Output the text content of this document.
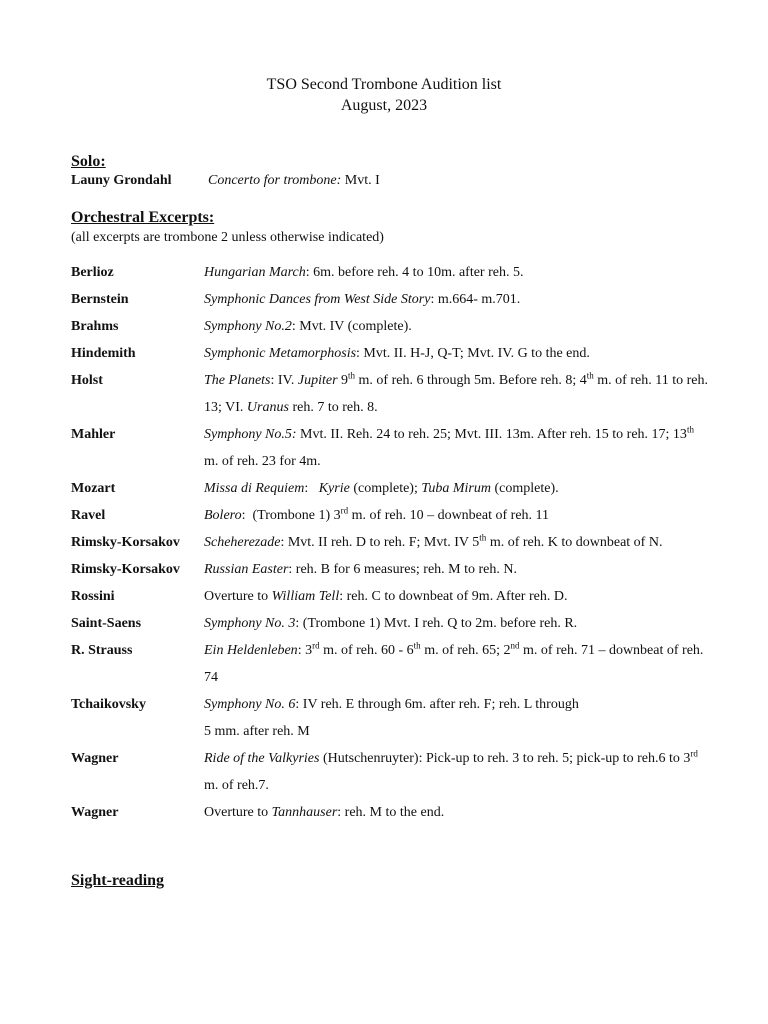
TSO Second Trombone Audition list
August, 2023
Solo:
Launy Grondahl	Concerto for trombone: Mvt. I
Orchestral Excerpts:
(all excerpts are trombone 2 unless otherwise indicated)
Berlioz	Hungarian March: 6m. before reh. 4 to 10m. after reh. 5.
Bernstein	Symphonic Dances from West Side Story: m.664- m.701.
Brahms	Symphony No.2: Mvt. IV (complete).
Hindemith	Symphonic Metamorphosis: Mvt. II. H-J, Q-T; Mvt. IV. G to the end.
Holst	The Planets: IV. Jupiter 9th m. of reh. 6 through 5m. Before reh. 8; 4th m. of reh. 11 to reh. 13; VI. Uranus reh. 7 to reh. 8.
Mahler	Symphony No.5: Mvt. II. Reh. 24 to reh. 25; Mvt. III. 13m. After reh. 15 to reh. 17; 13th m. of reh. 23 for 4m.
Mozart	Missa di Requiem:   Kyrie (complete); Tuba Mirum (complete).
Ravel	Bolero:  (Trombone 1) 3rd m. of reh. 10 – downbeat of reh. 11
Rimsky-Korsakov	Scheherezade: Mvt. II reh. D to reh. F; Mvt. IV 5th m. of reh. K to downbeat of N.
Rimsky-Korsakov	Russian Easter: reh. B for 6 measures; reh. M to reh. N.
Rossini	Overture to William Tell: reh. C to downbeat of 9m. After reh. D.
Saint-Saens	Symphony No. 3: (Trombone 1) Mvt. I reh. Q to 2m. before reh. R.
R. Strauss	Ein Heldenleben: 3rd m. of reh. 60 - 6th m. of reh. 65; 2nd m. of reh. 71 – downbeat of reh. 74
Tchaikovsky	Symphony No. 6: IV reh. E through 6m. after reh. F; reh. L through
5 mm. after reh. M
Wagner	Ride of the Valkyries (Hutschenruyter): Pick-up to reh. 3 to reh. 5; pick-up to reh.6 to 3rd m. of reh.7.
Wagner	Overture to Tannhauser: reh. M to the end.
Sight-reading
